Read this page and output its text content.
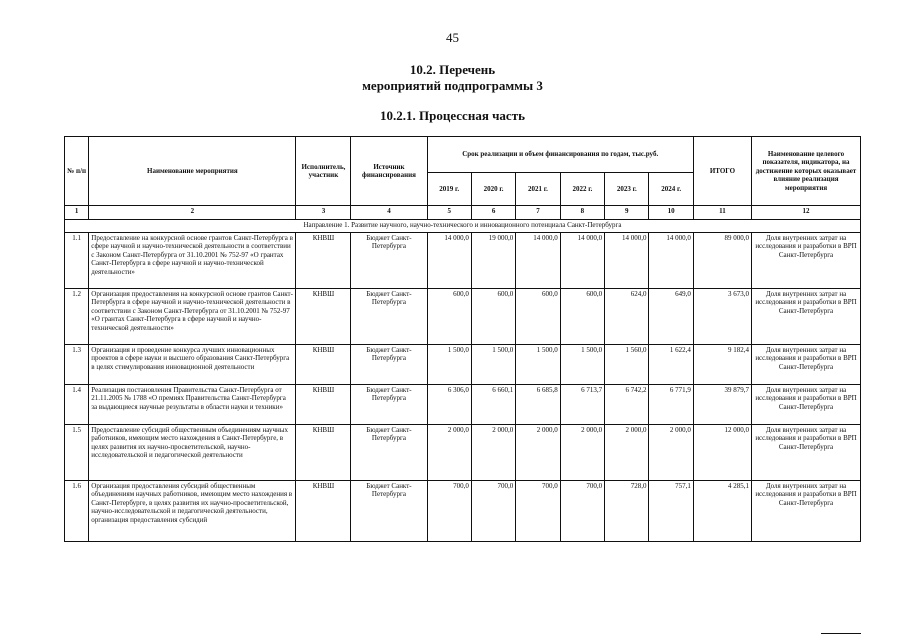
45
10.2. Перечень
мероприятий подпрограммы 3
10.2.1. Процессная часть
№ п/п	Наименование мероприятия	Исполнитель, участник	Источник финансирования	Срок реализации и объем финансирования по годам, тыс.руб.						ИТОГО	Наименование целевого показателя, индикатора, на достижение которых оказывает влияние реализация мероприятия
				2019 г.	2020 г.	2021 г.	2022 г.	2023 г.	2024 г.		
1	2	3	4	5	6	7	8	9	10	11	12
Направление 1. Развитие научного, научно-технического и инновационного потенциала Санкт-Петербурга											
1.1	Предоставление на конкурсной основе грантов Санкт-Петербурга в сфере научной и научно-технической деятельности в соответствии с Законом Санкт-Петербурга от 31.10.2001 № 752-97 «О грантах Санкт-Петербурга в сфере научной и научно-технической деятельности»	КНВШ	Бюджет Санкт-Петербурга	14 000,0	19 000,0	14 000,0	14 000,0	14 000,0	14 000,0	89 000,0	Доля внутренних затрат на исследования и разработки в ВРП Санкт-Петербурга
1.2	Организация предоставления на конкурсной основе грантов Санкт-Петербурга в сфере научной и научно-технической деятельности в соответствии с Законом Санкт-Петербурга от 31.10.2001 № 752-97 «О грантах Санкт-Петербурга в сфере научной и научно-технической деятельности»	КНВШ	Бюджет Санкт-Петербурга	600,0	600,0	600,0	600,0	624,0	649,0	3 673,0	Доля внутренних затрат на исследования и разработки в ВРП Санкт-Петербурга
1.3	Организация и проведение конкурса лучших инновационных проектов в сфере науки и высшего образования Санкт-Петербурга в целях стимулирования инновационной деятельности	КНВШ	Бюджет Санкт-Петербурга	1 500,0	1 500,0	1 500,0	1 500,0	1 560,0	1 622,4	9 182,4	Доля внутренних затрат на исследования и разработки в ВРП Санкт-Петербурга
1.4	Реализация постановления Правительства Санкт-Петербурга от 21.11.2005 № 1788 «О премиях Правительства Санкт-Петербурга за выдающиеся научные результаты в области науки и техники»	КНВШ	Бюджет Санкт-Петербурга	6 306,0	6 660,1	6 685,8	6 713,7	6 742,2	6 771,9	39 879,7	Доля внутренних затрат на исследования и разработки в ВРП Санкт-Петербурга
1.5	Предоставление субсидий общественным объединениям научных работников, имеющим место нахождения в Санкт-Петербурге, в целях развития их научно-просветительской, научно-исследовательской и педагогической деятельности	КНВШ	Бюджет Санкт-Петербурга	2 000,0	2 000,0	2 000,0	2 000,0	2 000,0	2 000,0	12 000,0	Доля внутренних затрат на исследования и разработки в ВРП Санкт-Петербурга
1.6	Организация предоставления субсидий общественным объединениям научных работников, имеющим место нахождения в Санкт-Петербурге, в целях развития их научно-просветительской, научно-исследовательской и педагогической деятельности, организация предоставления субсидий	КНВШ	Бюджет Санкт-Петербурга	700,0	700,0	700,0	700,0	728,0	757,1	4 285,1	Доля внутренних затрат на исследования и разработки в ВРП Санкт-Петербурга
